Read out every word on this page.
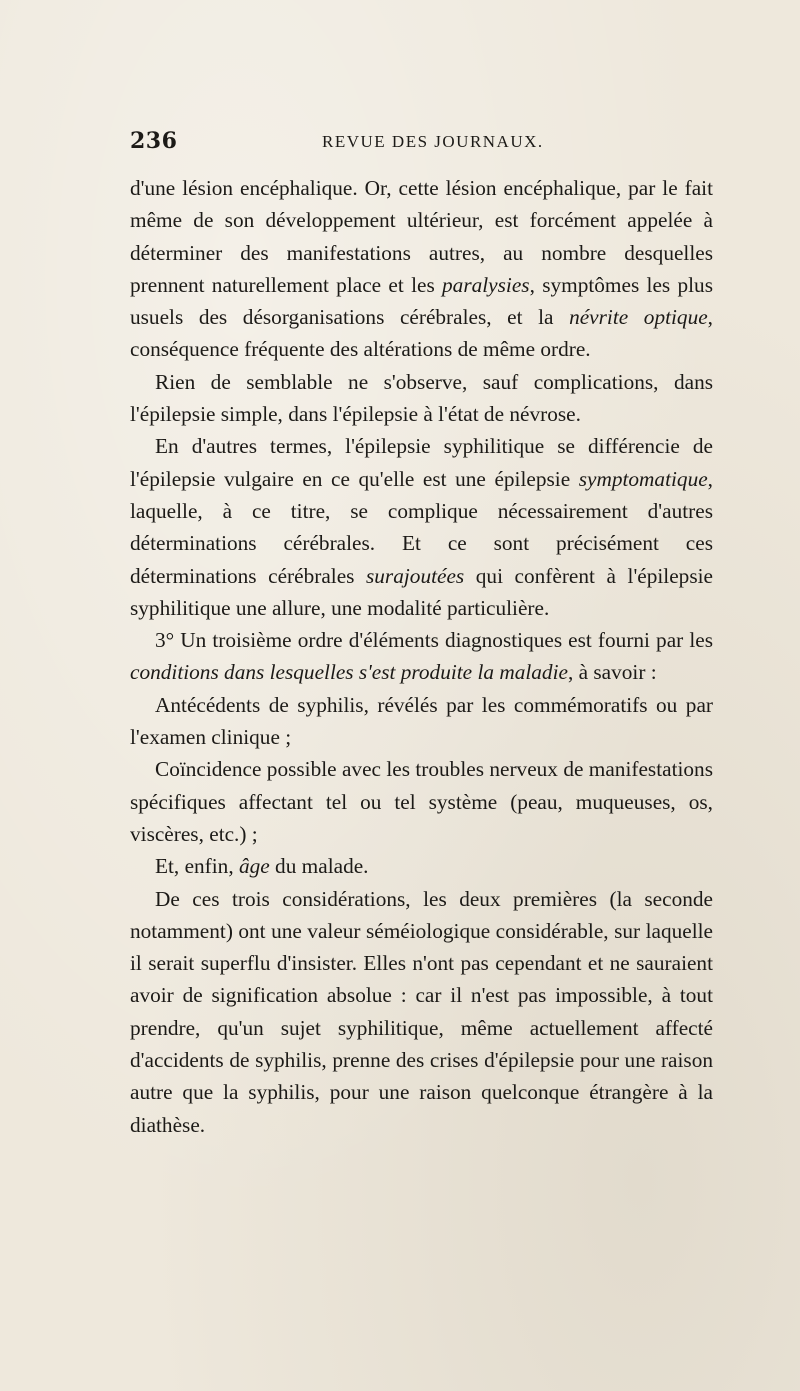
236	REVUE DES JOURNAUX.

d'une lésion encéphalique. Or, cette lésion encéphalique, par le fait même de son développement ultérieur, est forcément appelée à déterminer des manifestations autres, au nombre desquelles prennent naturellement place et les paralysies, symptômes les plus usuels des désorganisations cérébrales, et la névrite optique, conséquence fréquente des altérations de même ordre.

Rien de semblable ne s'observe, sauf complications, dans l'épilepsie simple, dans l'épilepsie à l'état de névrose.

En d'autres termes, l'épilepsie syphilitique se différencie de l'épilepsie vulgaire en ce qu'elle est une épilepsie symptomatique, laquelle, à ce titre, se complique nécessairement d'autres déterminations cérébrales. Et ce sont précisément ces déterminations cérébrales surajoutées qui confèrent à l'épilepsie syphilitique une allure, une modalité particulière.

3° Un troisième ordre d'éléments diagnostiques est fourni par les conditions dans lesquelles s'est produite la maladie, à savoir :

Antécédents de syphilis, révélés par les commémoratifs ou par l'examen clinique ;

Coïncidence possible avec les troubles nerveux de manifestations spécifiques affectant tel ou tel système (peau, muqueuses, os, viscères, etc.) ;

Et, enfin, âge du malade.

De ces trois considérations, les deux premières (la seconde notamment) ont une valeur séméiologique considérable, sur laquelle il serait superflu d'insister. Elles n'ont pas cependant et ne sauraient avoir de signification absolue : car il n'est pas impossible, à tout prendre, qu'un sujet syphilitique, même actuellement affecté d'accidents de syphilis, prenne des crises d'épilepsie pour une raison autre que la syphilis, pour une raison quelconque étrangère à la diathèse.
